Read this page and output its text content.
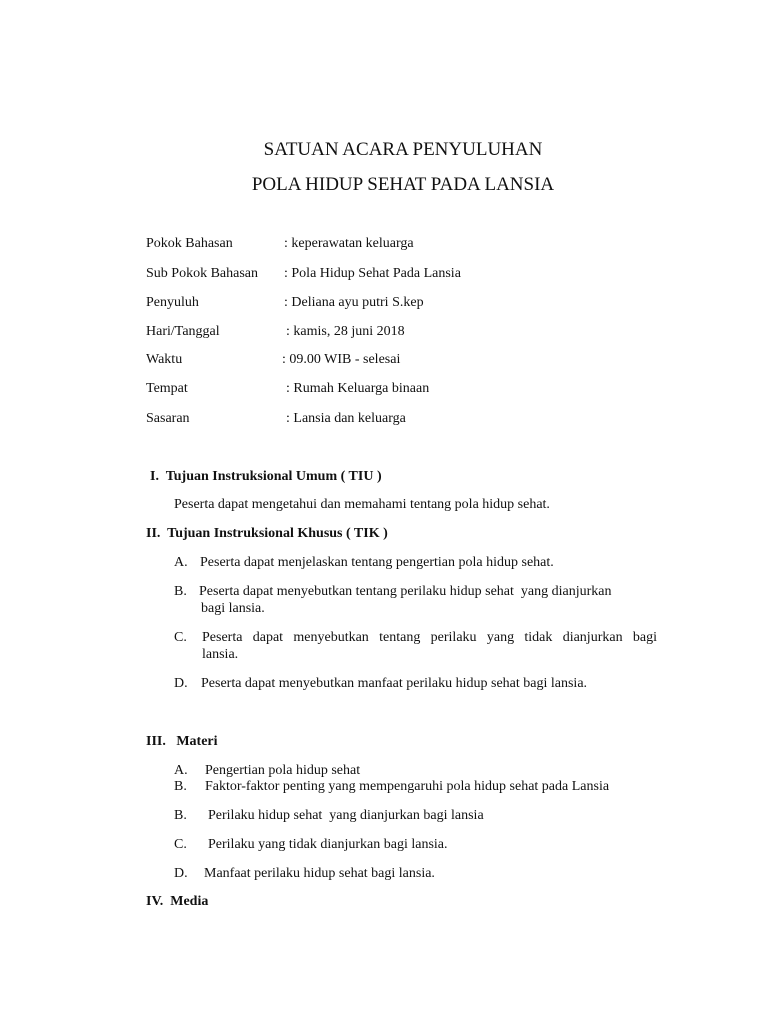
SATUAN ACARA PENYULUHAN
POLA HIDUP SEHAT PADA LANSIA
Pokok Bahasan	: keperawatan keluarga
Sub Pokok Bahasan : Pola Hidup Sehat Pada Lansia
Penyuluh	: Deliana ayu putri S.kep
Hari/Tanggal	: kamis, 28 juni 2018
Waktu	: 09.00 WIB - selesai
Tempat	: Rumah Keluarga binaan
Sasaran	: Lansia dan keluarga
I.  Tujuan Instruksional Umum ( TIU )
Peserta dapat mengetahui dan memahami tentang pola hidup sehat.
II.  Tujuan Instruksional Khusus ( TIK )
A. Peserta dapat menjelaskan tentang pengertian pola hidup sehat.
B. Peserta dapat menyebutkan tentang perilaku hidup sehat  yang dianjurkan
bagi lansia.
C. Peserta dapat menyebutkan tentang perilaku yang tidak dianjurkan bagi
lansia.
D. Peserta dapat menyebutkan manfaat perilaku hidup sehat bagi lansia.
III.   Materi
A. Pengertian pola hidup sehat
B. Faktor-faktor penting yang mempengaruhi pola hidup sehat pada Lansia
B. Perilaku hidup sehat  yang dianjurkan bagi lansia
C. Perilaku yang tidak dianjurkan bagi lansia.
D. Manfaat perilaku hidup sehat bagi lansia.
IV.  Media
